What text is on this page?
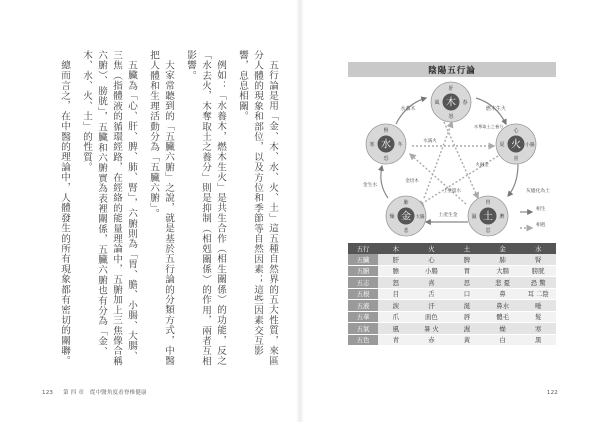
五行論是用「金、木、水、火、土」這五種自然界的五大性質，來區分人體的現象和部位，以及方位和季節等自然因素；這些因素交互影響，息息相關。

例如：「水養木，燃木生火」是共生合作（相生關係）的功能，反之「水去火，木奪取土之養分」則是抑制（相剋關係）的作用，兩者互相影響。

大家常聽到的「五臟六腑」之說，就是基於五行論的分類方式，中醫把人體和生理活動分為「五臟六腑」。

五臟為「心、肝、脾、肺、腎」，六腑則為「胃、膽、小腸、大腸、三焦（指體液的循環經路，在經絡的能量理論中，五腑加上三焦像合稱六腑）、膀胱」，五臟和六腑實為表裡關係，五臟六腑也有分為「金、木、水、火、土」的性質。

總而言之，在中醫的理論中，人體發生的所有現象都有密切的關聯。

123 第 四 章　從中醫角度看脊椎健康
陰陽五行論
木
肝
風	春
怒
火
心
夏	小腸
喜
土
胃
濕	脾
思
金
肺
燥	大腸
悲
水
腎
寒	冬
恐
水養木	燃木生火
木奪取土之養分
水滅火
火融金
灰燼化為土
金生水
金切木
土壁擋水
土產生金
相生
相剋
五行	木	火	土	金	水
五臟	肝	心	脾	肺	腎
五腑	膽	小腸	胃	大腸	膀胱
五志	怒	喜	思	悲 憂	恐 驚
五根	目	舌	口	鼻	耳 二陰
五液	淚	汗	涎	鼻水	唾
五華	爪	面色	唇	體毛	髮
五氣	風	暑 火	濕	燥	寒
五色	青	赤	黃	白	黑
122
